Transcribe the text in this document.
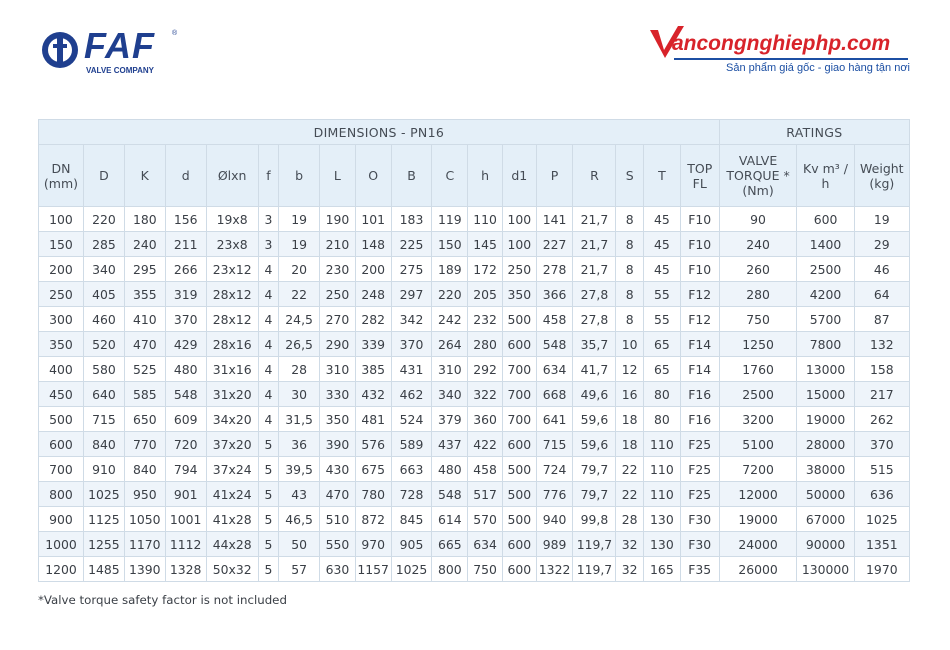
FAF ®
VALVE COMPANY
V
ancongnghiephp.com
Sản phẩm giá gốc - giao hàng tận nơi
DIMENSIONS - PN16																		RATINGS		
DN (mm)	D	K	d	Ølxn	f	b	L	O	B	C	h	d1	P	R	S	T	TOP FL	VALVE TORQUE * (Nm)	Kv m³ / h	Weight (kg)
100	220	180	156	19x8	3	19	190	101	183	119	110	100	141	21,7	8	45	F10	90	600	19
150	285	240	211	23x8	3	19	210	148	225	150	145	100	227	21,7	8	45	F10	240	1400	29
200	340	295	266	23x12	4	20	230	200	275	189	172	250	278	21,7	8	45	F10	260	2500	46
250	405	355	319	28x12	4	22	250	248	297	220	205	350	366	27,8	8	55	F12	280	4200	64
300	460	410	370	28x12	4	24,5	270	282	342	242	232	500	458	27,8	8	55	F12	750	5700	87
350	520	470	429	28x16	4	26,5	290	339	370	264	280	600	548	35,7	10	65	F14	1250	7800	132
400	580	525	480	31x16	4	28	310	385	431	310	292	700	634	41,7	12	65	F14	1760	13000	158
450	640	585	548	31x20	4	30	330	432	462	340	322	700	668	49,6	16	80	F16	2500	15000	217
500	715	650	609	34x20	4	31,5	350	481	524	379	360	700	641	59,6	18	80	F16	3200	19000	262
600	840	770	720	37x20	5	36	390	576	589	437	422	600	715	59,6	18	110	F25	5100	28000	370
700	910	840	794	37x24	5	39,5	430	675	663	480	458	500	724	79,7	22	110	F25	7200	38000	515
800	1025	950	901	41x24	5	43	470	780	728	548	517	500	776	79,7	22	110	F25	12000	50000	636
900	1125	1050	1001	41x28	5	46,5	510	872	845	614	570	500	940	99,8	28	130	F30	19000	67000	1025
1000	1255	1170	1112	44x28	5	50	550	970	905	665	634	600	989	119,7	32	130	F30	24000	90000	1351
1200	1485	1390	1328	50x32	5	57	630	1157	1025	800	750	600	1322	119,7	32	165	F35	26000	130000	1970
*Valve torque safety factor is not included
